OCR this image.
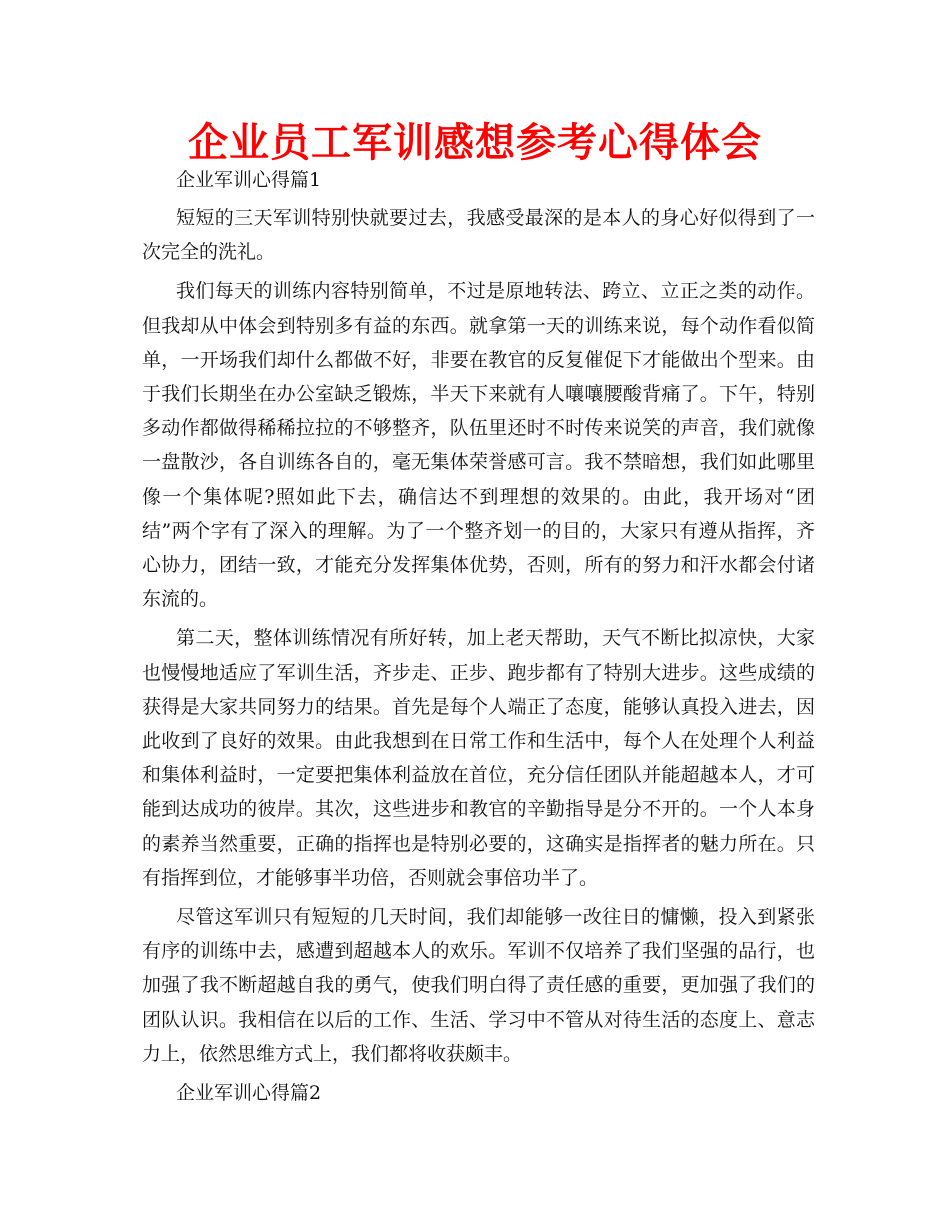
企业员工军训感想参考心得体会

企业军训心得篇1

短短的三天军训特别快就要过去，我感受最深的是本人的身心好似得到了一次完全的洗礼。

我们每天的训练内容特别简单，不过是原地转法、跨立、立正之类的动作。但我却从中体会到特别多有益的东西。就拿第一天的训练来说，每个动作看似简单，一开场我们却什么都做不好，非要在教官的反复催促下才能做出个型来。由于我们长期坐在办公室缺乏锻炼，半天下来就有人嚷嚷腰酸背痛了。下午，特别多动作都做得稀稀拉拉的不够整齐，队伍里还时不时传来说笑的声音，我们就像一盘散沙，各自训练各自的，毫无集体荣誉感可言。我不禁暗想，我们如此哪里像一个集体呢?照如此下去，确信达不到理想的效果的。由此，我开场对“团结”两个字有了深入的理解。为了一个整齐划一的目的，大家只有遵从指挥，齐心协力，团结一致，才能充分发挥集体优势，否则，所有的努力和汗水都会付诸东流的。

第二天，整体训练情况有所好转，加上老天帮助，天气不断比拟凉快，大家也慢慢地适应了军训生活，齐步走、正步、跑步都有了特别大进步。这些成绩的获得是大家共同努力的结果。首先是每个人端正了态度，能够认真投入进去，因此收到了良好的效果。由此我想到在日常工作和生活中，每个人在处理个人利益和集体利益时，一定要把集体利益放在首位，充分信任团队并能超越本人，才可能到达成功的彼岸。其次，这些进步和教官的辛勤指导是分不开的。一个人本身的素养当然重要，正确的指挥也是特别必要的，这确实是指挥者的魅力所在。只有指挥到位，才能够事半功倍，否则就会事倍功半了。

尽管这军训只有短短的几天时间，我们却能够一改往日的慵懒，投入到紧张有序的训练中去，感遭到超越本人的欢乐。军训不仅培养了我们坚强的品行，也加强了我不断超越自我的勇气，使我们明白得了责任感的重要，更加强了我们的团队认识。我相信在以后的工作、生活、学习中不管从对待生活的态度上、意志力上，依然思维方式上，我们都将收获颇丰。

企业军训心得篇2
